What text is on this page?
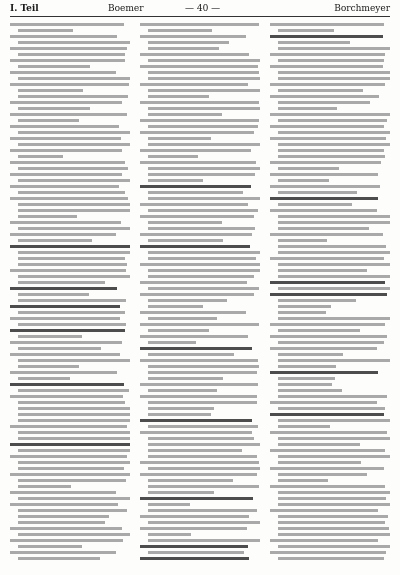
I. Teil	Boemer	— 40 —	Borchmeyer
